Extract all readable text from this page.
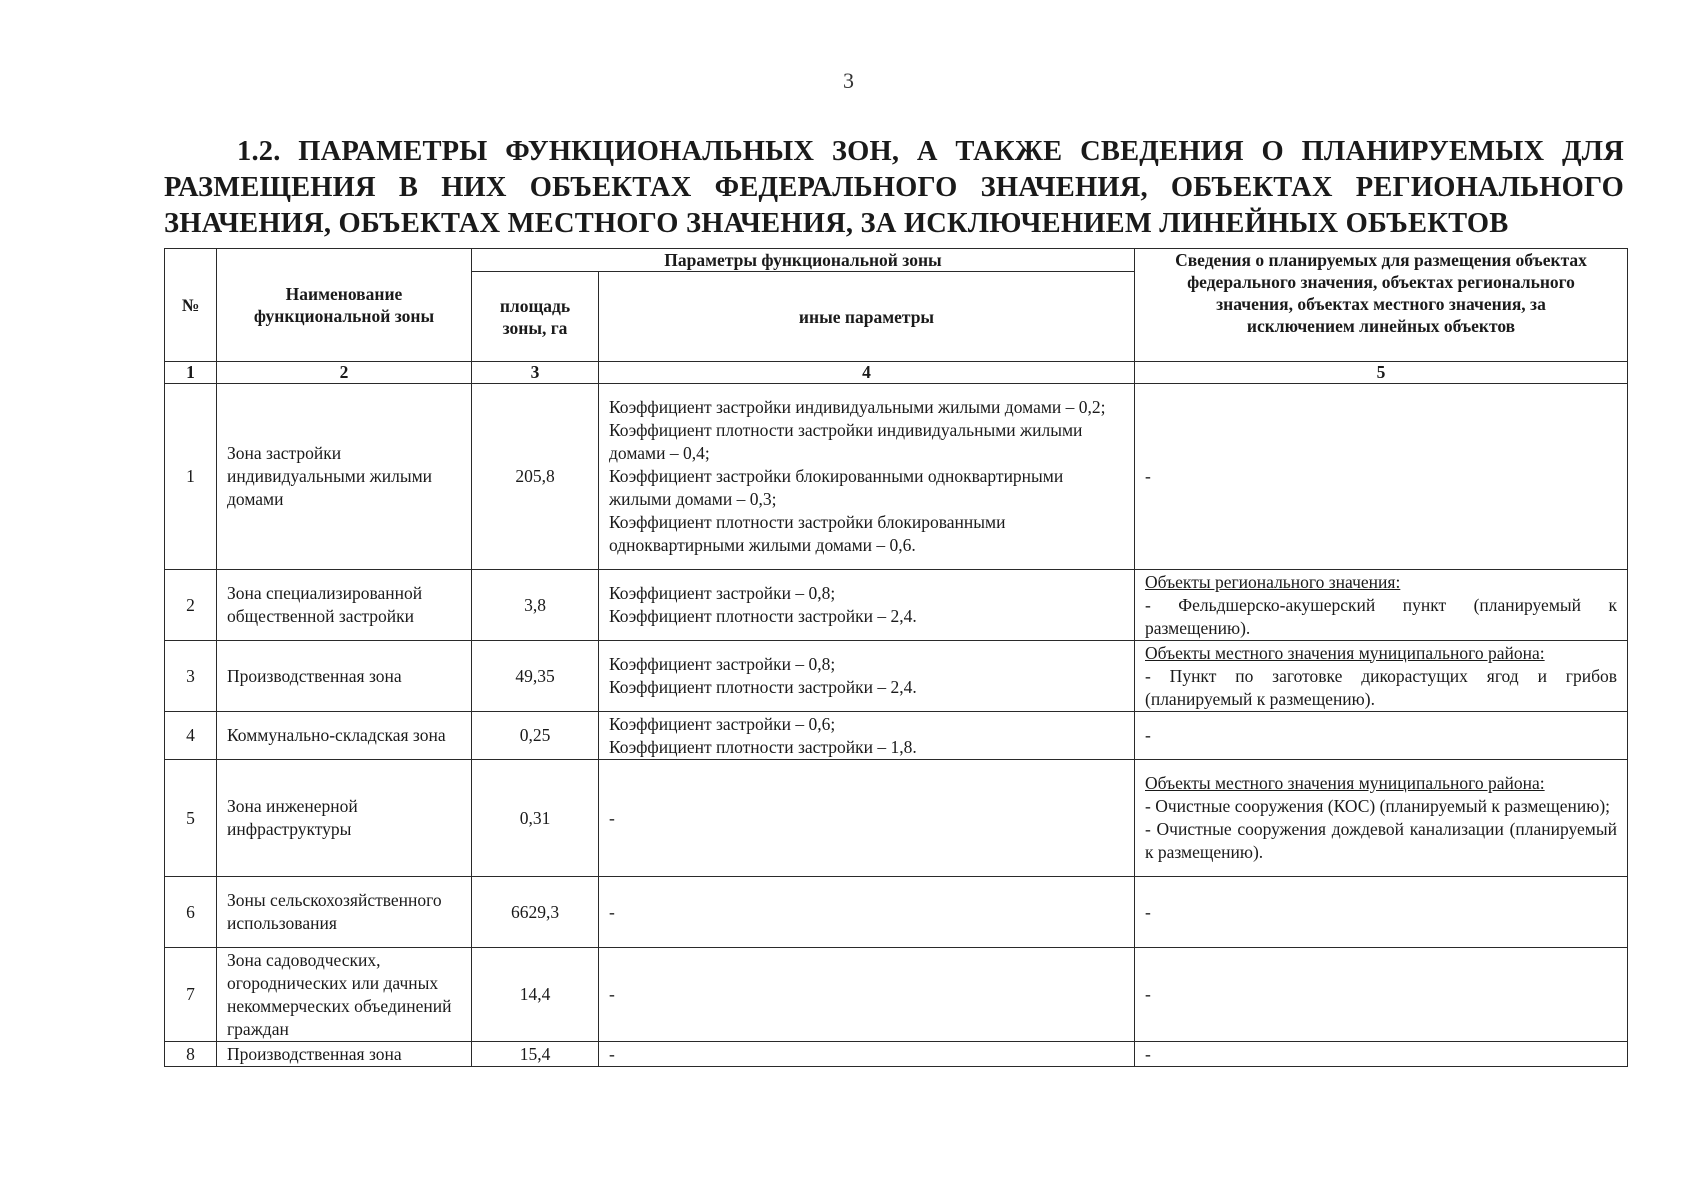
3
1.2. ПАРАМЕТРЫ ФУНКЦИОНАЛЬНЫХ ЗОН, А ТАКЖЕ СВЕДЕНИЯ О ПЛАНИРУЕМЫХ ДЛЯ
РАЗМЕЩЕНИЯ В НИХ ОБЪЕКТАХ ФЕДЕРАЛЬНОГО ЗНАЧЕНИЯ, ОБЪЕКТАХ РЕГИОНАЛЬНОГО
ЗНАЧЕНИЯ, ОБЪЕКТАХ МЕСТНОГО ЗНАЧЕНИЯ, ЗА ИСКЛЮЧЕНИЕМ ЛИНЕЙНЫХ ОБЪЕКТОВ
№	Наименование функциональной зоны	Параметры функциональной зоны		Сведения о планируемых для размещения объектах федерального значения, объектах регионального значения, объектах местного значения, за исключением линейных объектов
		площадь зоны, га	иные параметры	
1	2	3	4	5
1	Зона застройки индивидуальными жилыми домами	205,8	Коэффициент застройки индивидуальными жилыми домами – 0,2;
Коэффициент плотности застройки индивидуальными жилыми домами – 0,4;
Коэффициент застройки блокированными одноквартирными жилыми домами – 0,3;
Коэффициент плотности застройки блокированными одноквартирными жилыми домами – 0,6.	-

2	Зона специализированной общественной застройки	3,8	Коэффициент застройки – 0,8;
Коэффициент плотности застройки – 2,4.	Объекты регионального значения:
- Фельдшерско-акушерский пункт (планируемый к размещению).

3	Производственная зона	49,35	Коэффициент застройки – 0,8;
Коэффициент плотности застройки – 2,4.	Объекты местного значения муниципального района:
- Пункт по заготовке дикорастущих ягод и грибов (планируемый к размещению).

4	Коммунально-складская зона	0,25	Коэффициент застройки – 0,6;
Коэффициент плотности застройки – 1,8.	-

5	Зона инженерной инфраструктуры	0,31	-	Объекты местного значения муниципального района:
- Очистные сооружения (КОС) (планируемый к размещению);
- Очистные сооружения дождевой канализации (планируемый к размещению).

6	Зоны сельскохозяйственного использования	6629,3	-	-

7	Зона садоводческих, огороднических или дачных некоммерческих объединений граждан	14,4	-	-

8	Производственная зона	15,4	-	-
